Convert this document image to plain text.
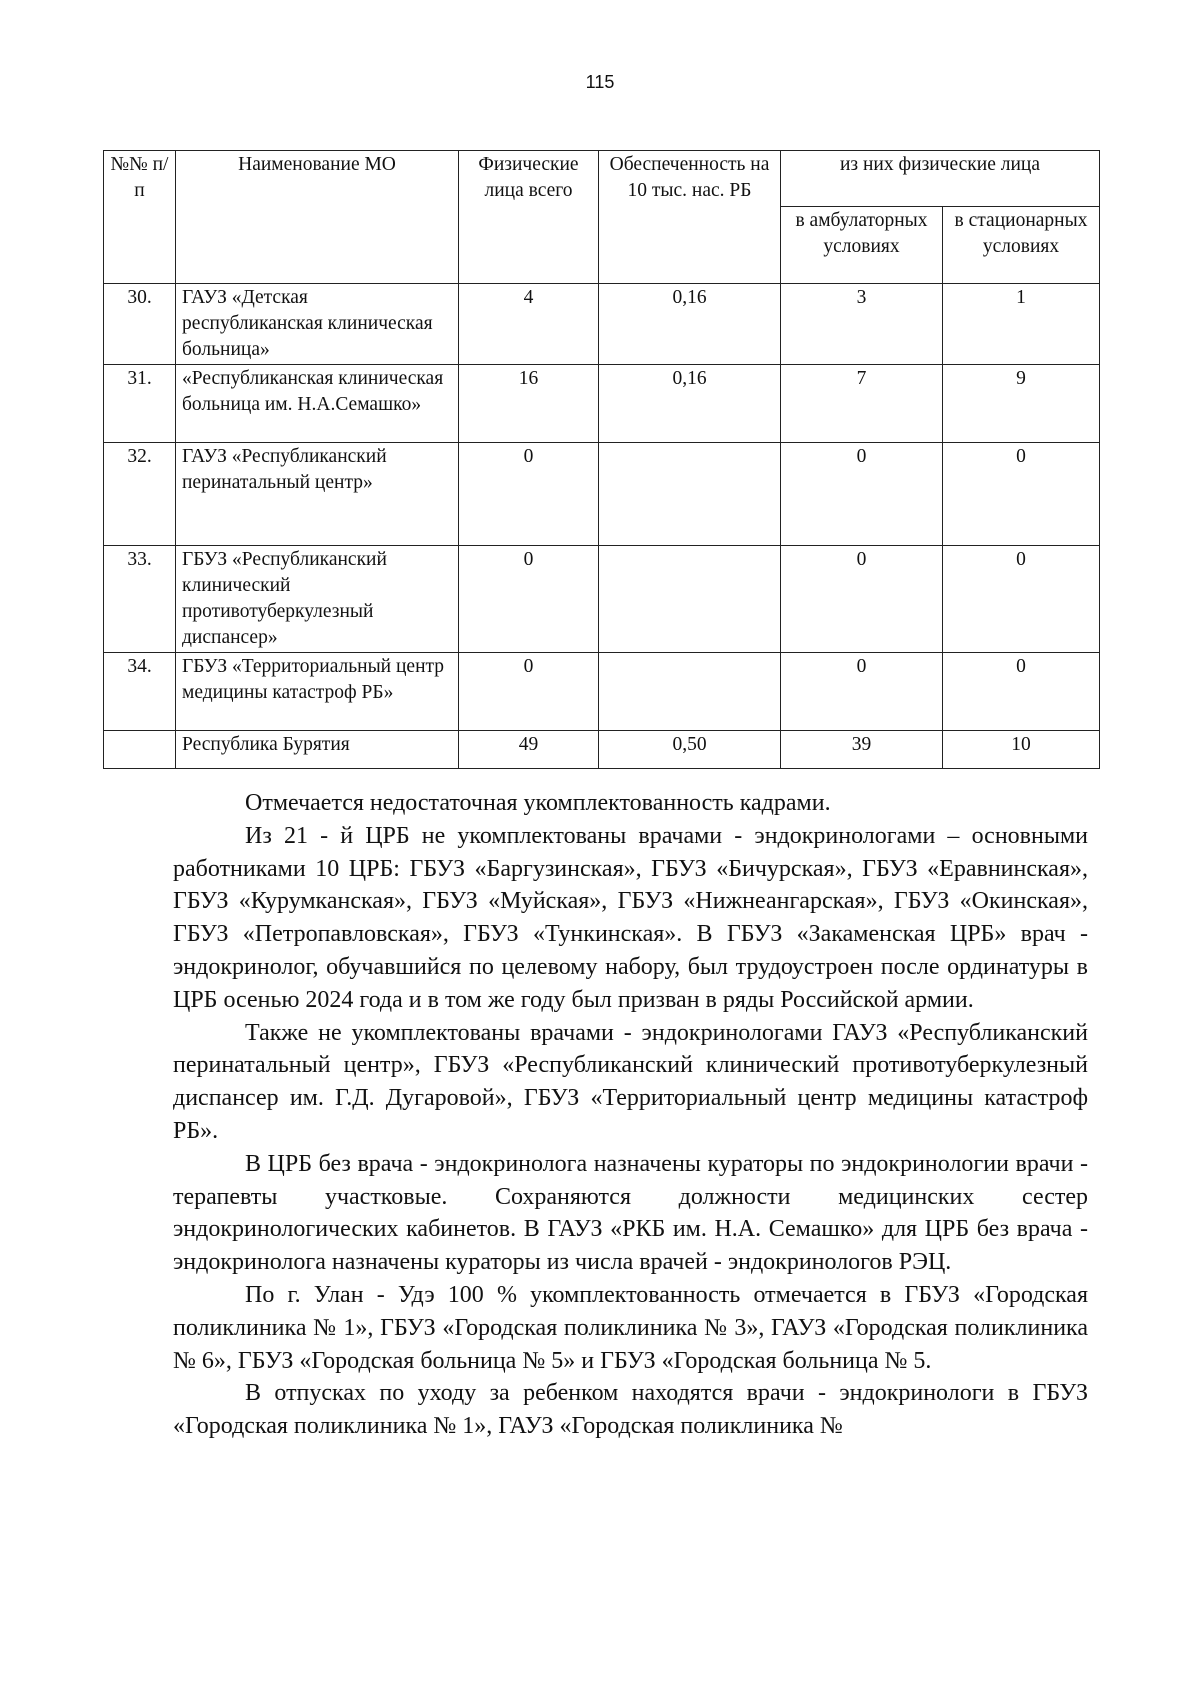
115
№№ п/п	Наименование МО	Физические лица всего	Обеспеченность на 10 тыс. нас. РБ	из них физические лица	
				в амбулаторных условиях	в стационарных условиях
30.	ГАУЗ «Детская республиканская клиническая больница»	4	0,16	3	1
31.	«Республиканская клиническая больница им. Н.А.Семашко»	16	0,16	7	9
32.	ГАУЗ «Республиканский перинатальный центр»	0		0	0
33.	ГБУЗ «Республиканский клинический противотуберкулезный диспансер»	0		0	0
34.	ГБУЗ «Территориальный центр медицины катастроф РБ»	0		0	0
	Республика Бурятия	49	0,50	39	10

Отмечается недостаточная укомплектованность кадрами.

Из 21 - й ЦРБ не укомплектованы врачами - эндокринологами – основными работниками 10 ЦРБ: ГБУЗ «Баргузинская», ГБУЗ «Бичурская», ГБУЗ «Еравнинская», ГБУЗ «Курумканская», ГБУЗ «Муйская», ГБУЗ «Нижнеангарская», ГБУЗ «Окинская», ГБУЗ «Петропавловская», ГБУЗ «Тункинская». В ГБУЗ «Закаменская ЦРБ» врач - эндокринолог, обучавшийся по целевому набору, был трудоустроен после ординатуры в ЦРБ осенью 2024 года и в том же году был призван в ряды Российской армии.

Также не укомплектованы врачами - эндокринологами ГАУЗ «Республиканский перинатальный центр», ГБУЗ «Республиканский клинический противотуберкулезный диспансер им. Г.Д. Дугаровой», ГБУЗ «Территориальный центр медицины катастроф РБ».

В ЦРБ без врача - эндокринолога назначены кураторы по эндокринологии врачи - терапевты участковые. Сохраняются должности медицинских сестер эндокринологических кабинетов. В ГАУЗ «РКБ им. Н.А. Семашко» для ЦРБ без врача - эндокринолога назначены кураторы из числа врачей - эндокринологов РЭЦ.

По г. Улан - Удэ 100 % укомплектованность отмечается в ГБУЗ «Городская поликлиника № 1», ГБУЗ «Городская поликлиника № 3», ГАУЗ «Городская поликлиника № 6», ГБУЗ «Городская больница № 5» и ГБУЗ «Городская больница № 5.

В отпусках по уходу за ребенком находятся врачи - эндокринологи в ГБУЗ «Городская поликлиника № 1», ГАУЗ «Городская поликлиника №
